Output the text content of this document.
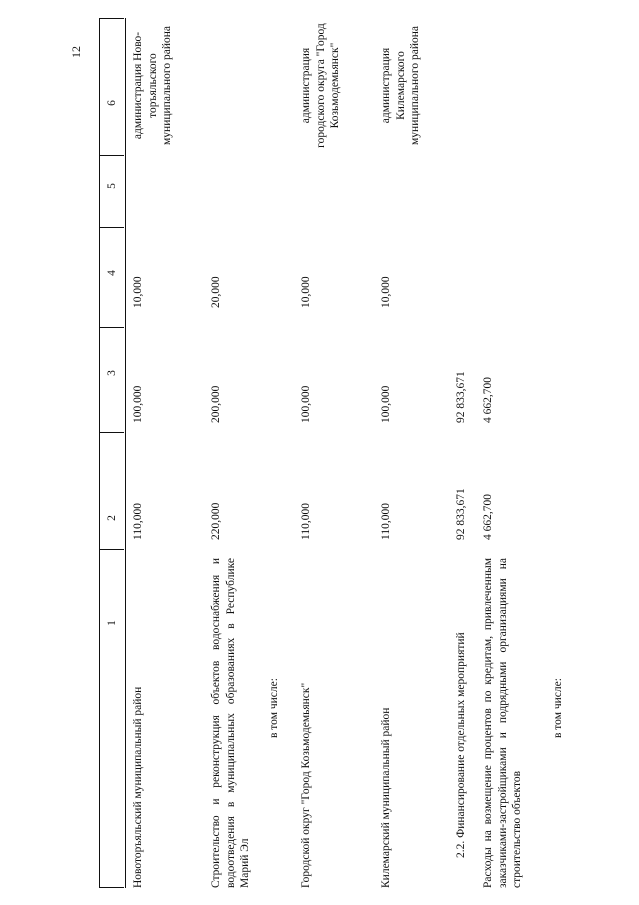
12
1
2
3
4
5
6
Новоторъяльский муниципальный район
110,000
100,000
10,000
администрация Ново-торъяльского муниципального района
Строительство и реконструкция объектов водоснабжения и водоотведения в муниципальных образованиях в Республике Марий Эл
220,000
200,000
20,000
в том числе: Городской округ "Город Козьмодемьянск"
110,000
100,000
10,000
администрация городского округа "Город Козьмодемьянск"
Килемарский муниципальный район
110,000
100,000
10,000
администрация Килемарского муниципального района
2.2. Финансирование отдельных мероприятий
92 833,671
92 833,671
Расходы на возмещение процентов по кредитам, привлеченным заказчиками-застройщиками и подрядными организациями на строительство объектов
4 662,700
4 662,700
в том числе:
